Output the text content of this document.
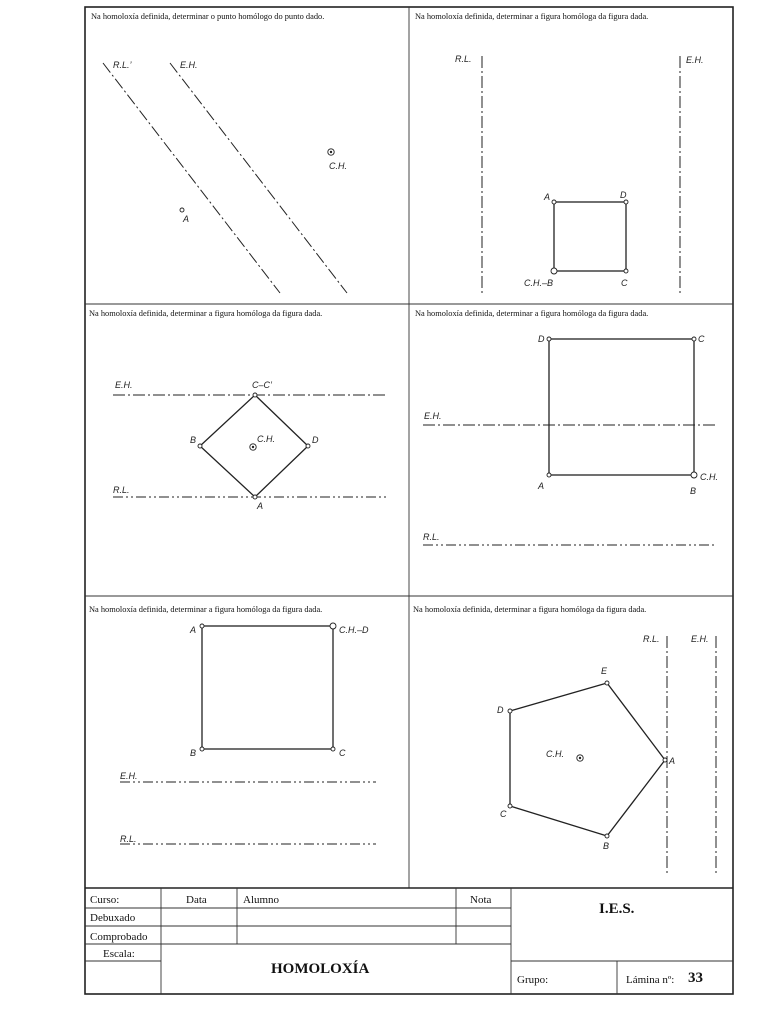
Na homoloxía definida, determinar o punto homólogo do punto dado.
R.L.’	E.H.
C.H.
A
Na homoloxía definida, determinar a figura homóloga da figura dada.
R.L.	E.H.
A	D
C.H.–B	C
Na homoloxía definida, determinar a figura homóloga da figura dada.
E.H.
R.L.
C–C’
B	C.H.	D
A
Na homoloxía definida, determinar a figura homóloga da figura dada.
E.H.
R.L.
D	C
A	B
C.H.
Na homoloxía definida, determinar a figura homóloga da figura dada.
A	C.H.–D
B	C
E.H.
R.L.
Na homoloxía definida, determinar a figura homóloga da figura dada.
R.L.	E.H.
E
D
C.H.
A
C
B
Curso:	Data	Alumno	Nota
I.E.S.
Debuxado
Comprobado
Escala:
HOMOLOXÍA
Grupo:	Lámina nº: 33
